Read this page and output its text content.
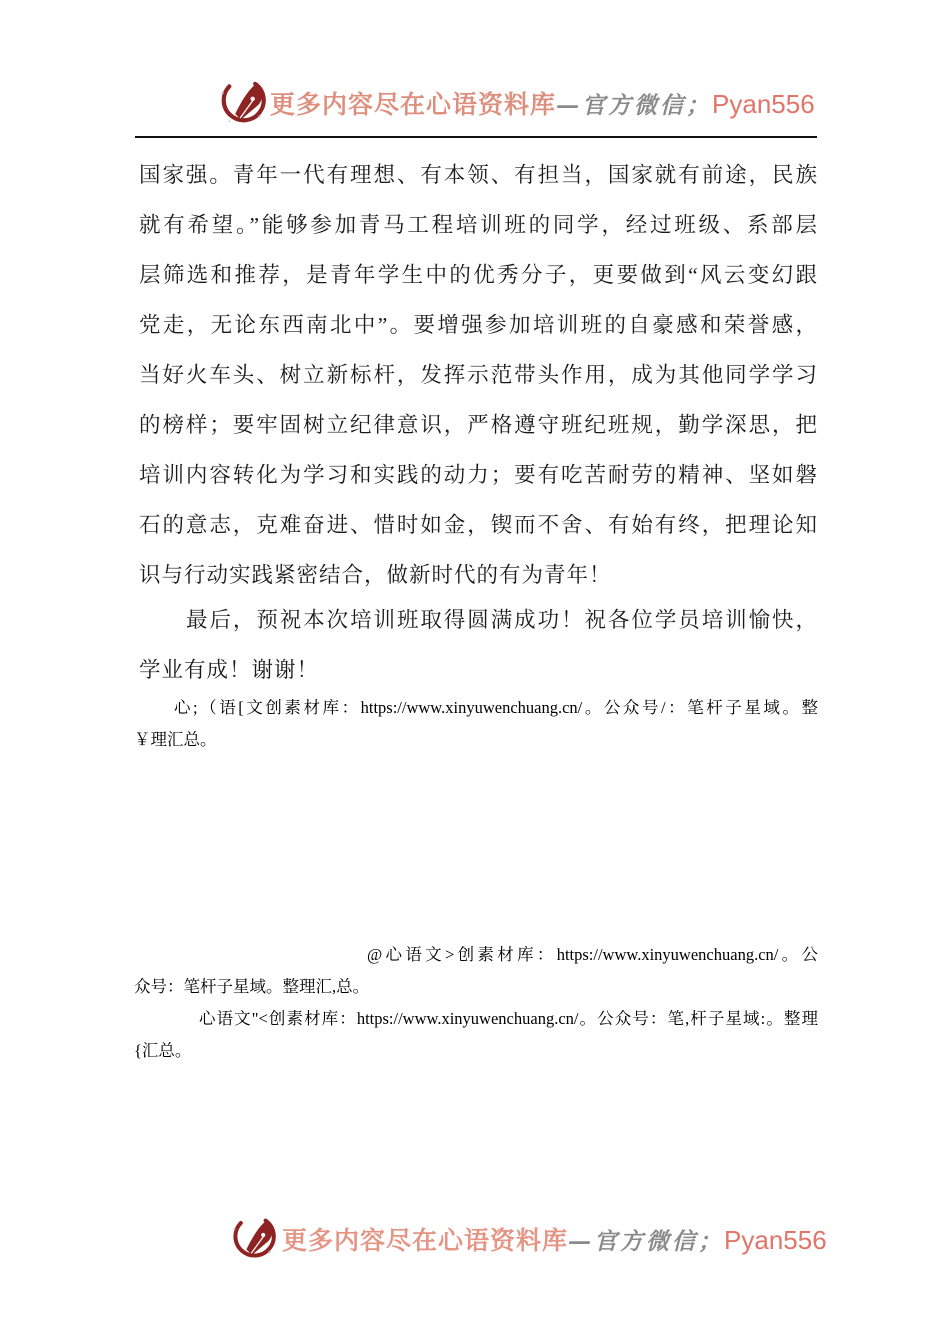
更多内容尽在心语资料库—官方微信；Pyan556
国家强。青年一代有理想、有本领、有担当，国家就有前途，民族
就有希望。”能够参加青马工程培训班的同学，经过班级、系部层
层筛选和推荐，是青年学生中的优秀分子，更要做到“风云变幻跟
党走，无论东西南北中”。要增强参加培训班的自豪感和荣誉感，
当好火车头、树立新标杆，发挥示范带头作用，成为其他同学学习
的榜样；要牢固树立纪律意识，严格遵守班纪班规，勤学深思，把
培训内容转化为学习和实践的动力；要有吃苦耐劳的精神、坚如磐
石的意志，克难奋进、惜时如金，锲而不舍、有始有终，把理论知
识与行动实践紧密结合，做新时代的有为青年！
最后，预祝本次培训班取得圆满成功！祝各位学员培训愉快，
学业有成！谢谢！
心;（语[文创素材库：https://www.xinyuwenchuang.cn/。公众号/：笔杆子星域。整
￥理汇总。
@心语文>创素材库：https://www.xinyuwenchuang.cn/。公
众号：笔杆子星域。整理汇,总。
心语文"<创素材库：https://www.xinyuwenchuang.cn/。公众号：笔,杆子星域:。整理
{汇总。
更多内容尽在心语资料库—官方微信；Pyan556
